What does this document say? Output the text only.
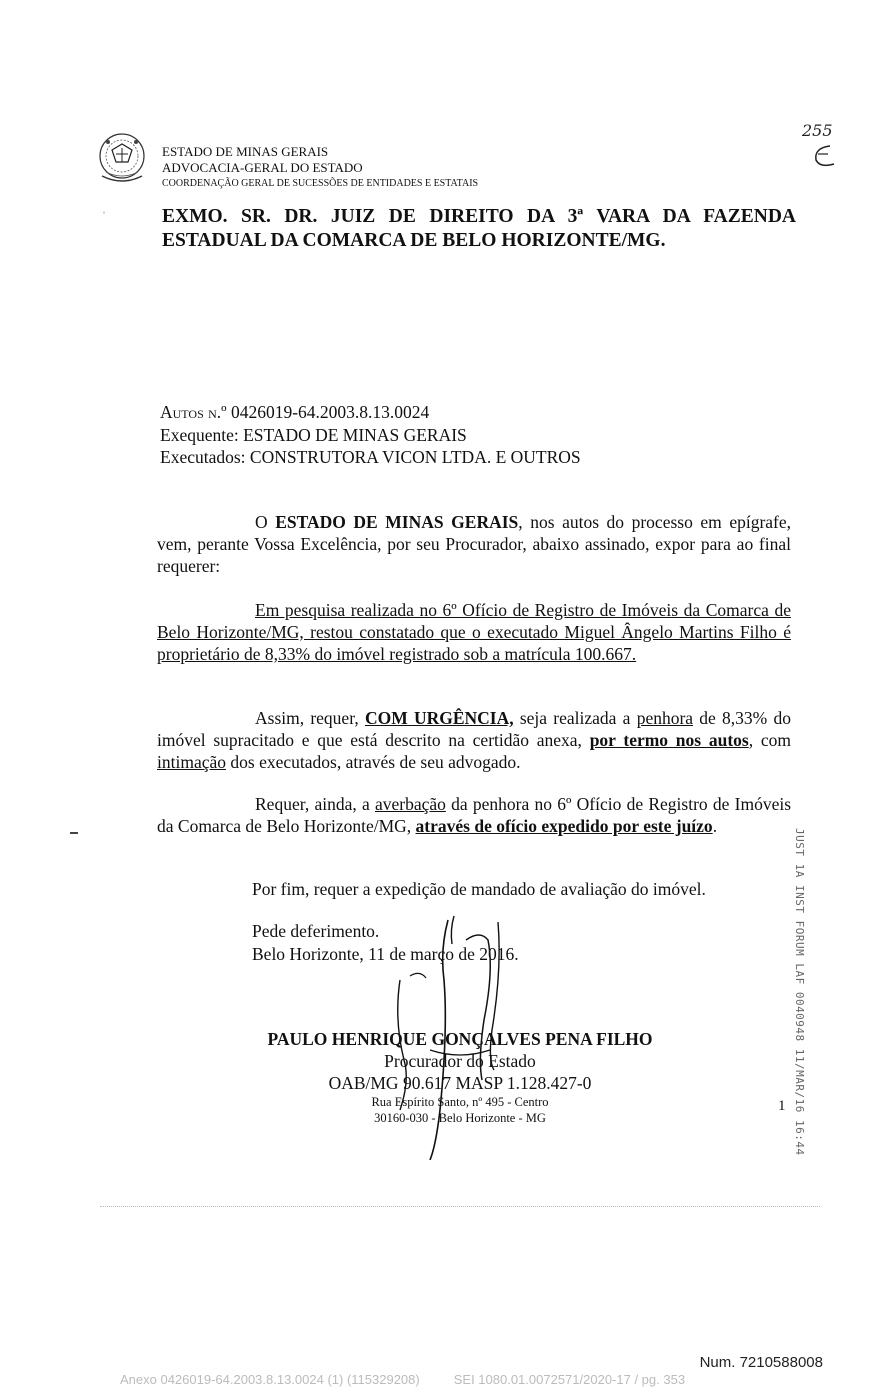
ESTADO DE MINAS GERAIS
ADVOCACIA-GERAL DO ESTADO
COORDENAÇÃO GERAL DE SUCESSÕES DE ENTIDADES E ESTATAIS
255
ˌ	EXMO. SR. DR. JUIZ DE DIREITO DA 3ª VARA DA FAZENDA
ESTADUAL DA COMARCA DE BELO HORIZONTE/MG.
Autos n.º 0426019-64.2003.8.13.0024
Exequente: ESTADO DE MINAS GERAIS
Executados: CONSTRUTORA VICON LTDA. E OUTROS
O ESTADO DE MINAS GERAIS, nos autos do processo em epígrafe, vem, perante Vossa Excelência, por seu Procurador, abaixo assinado, expor para ao final requerer:
Em pesquisa realizada no 6º Ofício de Registro de Imóveis da Comarca de Belo Horizonte/MG, restou constatado que o executado Miguel Ângelo Martins Filho é proprietário de 8,33% do imóvel registrado sob a matrícula 100.667.
Assim, requer, COM URGÊNCIA, seja realizada a penhora de 8,33% do imóvel supracitado e que está descrito na certidão anexa, por termo nos autos, com intimação dos executados, através de seu advogado.
Requer, ainda, a averbação da penhora no 6º Ofício de Registro de Imóveis da Comarca de Belo Horizonte/MG, através de ofício expedido por este juízo.
Por fim, requer a expedição de mandado de avaliação do imóvel.
Pede deferimento.
Belo Horizonte, 11 de março de 2016.
PAULO HENRIQUE GONÇALVES PENA FILHO
Procurador do Estado
OAB/MG 90.617 MASP 1.128.427-0
Rua Espírito Santo, nº 495 - Centro
30160-030 - Belo Horizonte - MG	JUST 1A INST FORUM LAF 0040948 11/MAR/16 16:44
1
Num. 7210588008
Anexo 0426019-64.2003.8.13.0024 (1) (115329208)	SEI 1080.01.0072571/2020-17 / pg. 353
